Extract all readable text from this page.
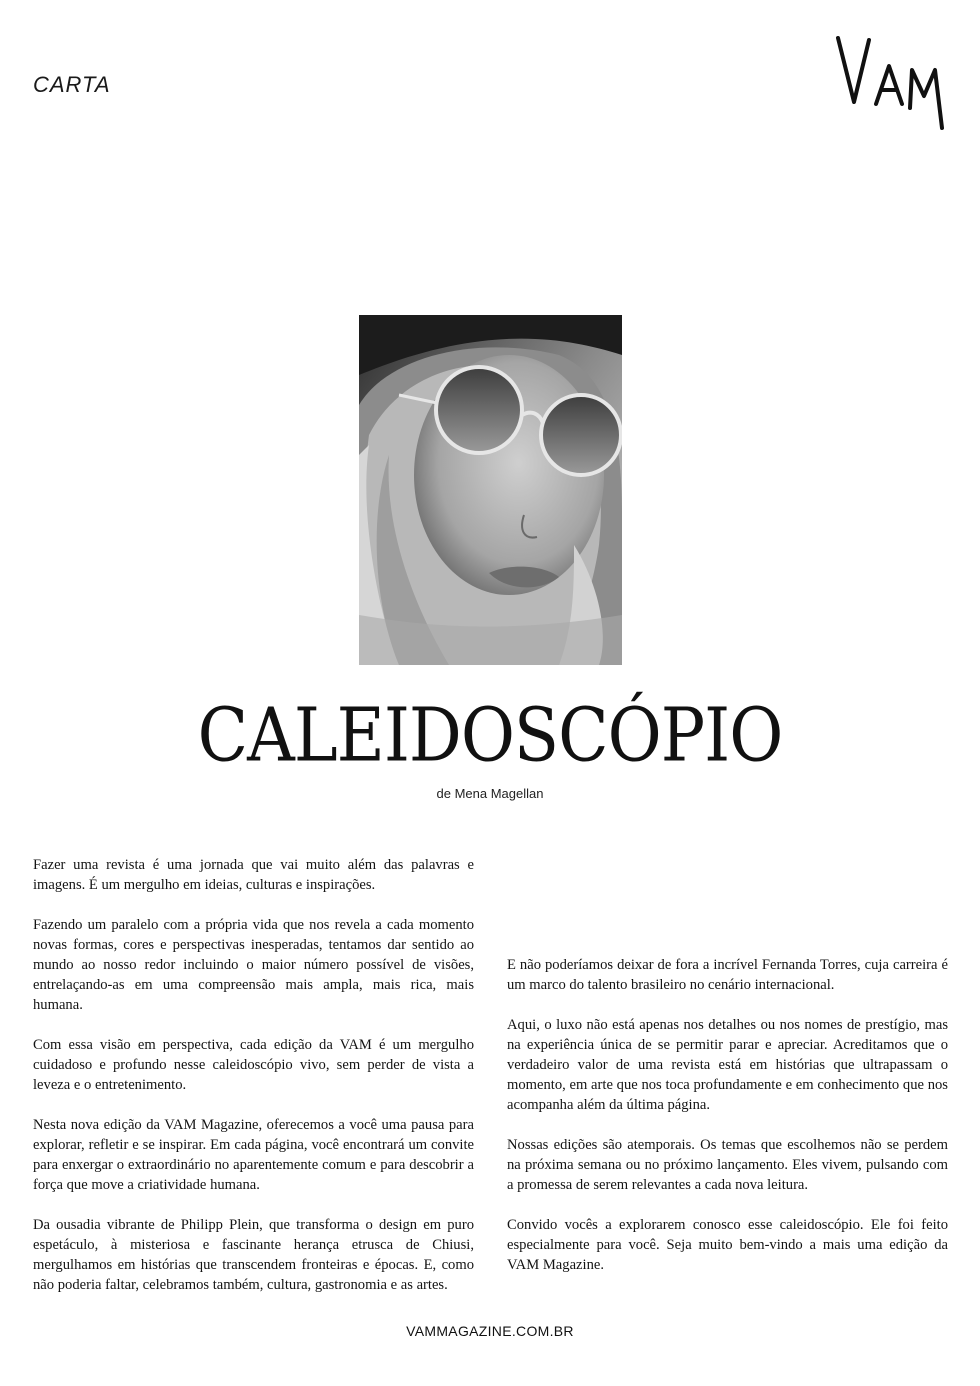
CARTA
CALEIDOSCÓPIO
de Mena Magellan

Fazer uma revista é uma jornada que vai muito além das palavras e imagens. É um mergulho em ideias, culturas e inspirações.

Fazendo um paralelo com a própria vida que nos revela a cada momento novas formas, cores e perspectivas inesperadas, tentamos dar sentido ao mundo ao nosso redor incluindo o maior número possível de visões, entrelaçando-as em uma compreensão mais ampla, mais rica, mais humana.

Com essa visão em perspectiva, cada edição da VAM é um mergulho cuidadoso e profundo nesse caleidoscópio vivo, sem perder de vista a leveza e o entretenimento.

Nesta nova edição da VAM Magazine, oferecemos a você uma pausa para explorar, refletir e se inspirar. Em cada página, você encontrará um convite para enxergar o extraordinário no aparentemente comum e para descobrir a força que move a criatividade humana.

Da ousadia vibrante de Philipp Plein, que transforma o design em puro espetáculo, à misteriosa e fascinante herança etrusca de Chiusi, mergulhamos em histórias que transcendem fronteiras e épocas. E, como não poderia faltar, celebramos também, cultura, gastronomia e as artes.

E não poderíamos deixar de fora a incrível Fernanda Torres, cuja carreira é um marco do talento brasileiro no cenário internacional.

Aqui, o luxo não está apenas nos detalhes ou nos nomes de prestígio, mas na experiência única de se permitir parar e apreciar. Acreditamos que o verdadeiro valor de uma revista está em histórias que ultrapassam o momento, em arte que nos toca profundamente e em conhecimento que nos acompanha além da última página.

Nossas edições são atemporais. Os temas que escolhemos não se perdem na próxima semana ou no próximo lançamento. Eles vivem, pulsando com a promessa de serem relevantes a cada nova leitura.

Convido vocês a explorarem conosco esse caleidoscópio. Ele foi feito especialmente para você. Seja muito bem-vindo a mais uma edição da VAM Magazine.

VAMMAGAZINE.COM.BR
